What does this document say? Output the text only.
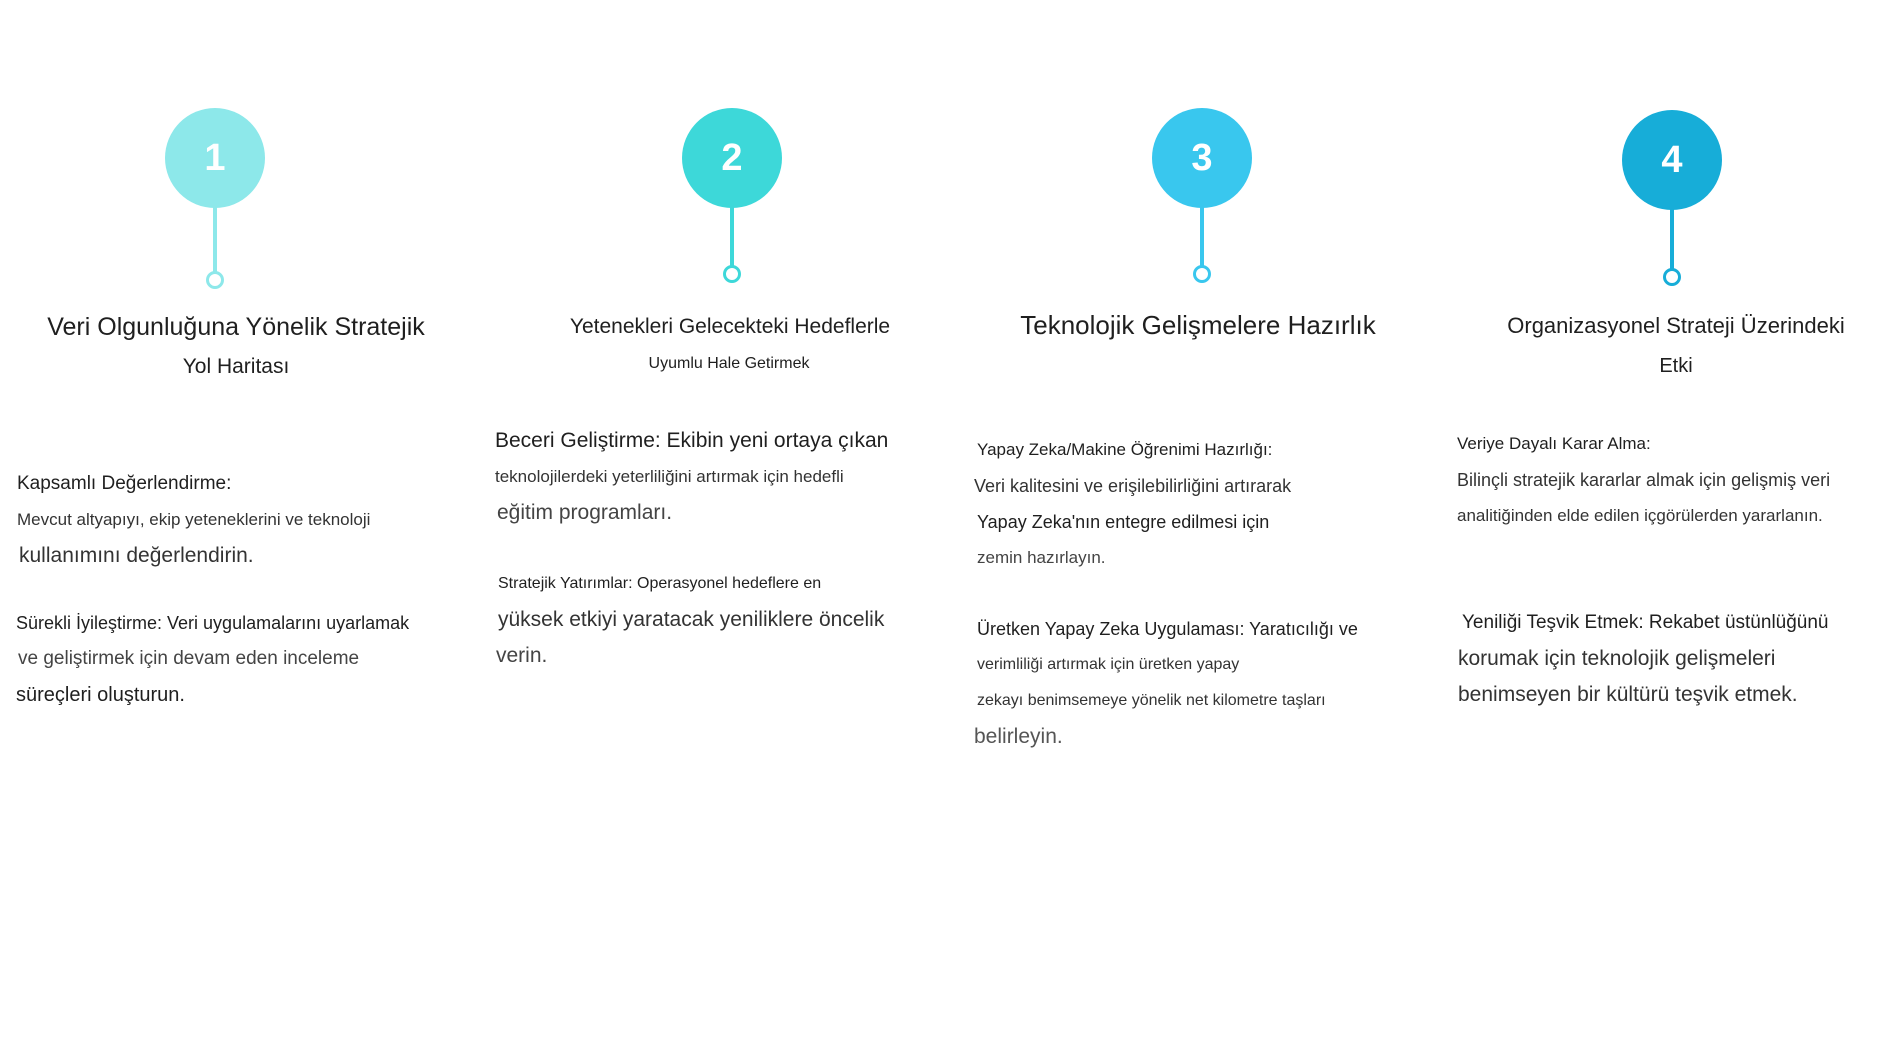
1
Veri Olgunluğuna Yönelik Stratejik
Yol Haritası
Kapsamlı Değerlendirme:
Mevcut altyapıyı, ekip yeteneklerini ve teknoloji
kullanımını değerlendirin.
Sürekli İyileştirme: Veri uygulamalarını uyarlamak
ve geliştirmek için devam eden inceleme
süreçleri oluşturun.
2
Yetenekleri Gelecekteki Hedeflerle
Uyumlu Hale Getirmek
Beceri Geliştirme: Ekibin yeni ortaya çıkan
teknolojilerdeki yeterliliğini artırmak için hedefli
eğitim programları.
Stratejik Yatırımlar: Operasyonel hedeflere en
yüksek etkiyi yaratacak yeniliklere öncelik
verin.
3
Teknolojik Gelişmelere Hazırlık
Yapay Zeka/Makine Öğrenimi Hazırlığı:
Veri kalitesini ve erişilebilirliğini artırarak
Yapay Zeka'nın entegre edilmesi için
zemin hazırlayın.
Üretken Yapay Zeka Uygulaması: Yaratıcılığı ve
verimliliği artırmak için üretken yapay
zekayı benimsemeye yönelik net kilometre taşları
belirleyin.
4
Organizasyonel Strateji Üzerindeki
Etki
Veriye Dayalı Karar Alma:
Bilinçli stratejik kararlar almak için gelişmiş veri
analitiğinden elde edilen içgörülerden yararlanın.
Yeniliği Teşvik Etmek: Rekabet üstünlüğünü
korumak için teknolojik gelişmeleri
benimseyen bir kültürü teşvik etmek.
